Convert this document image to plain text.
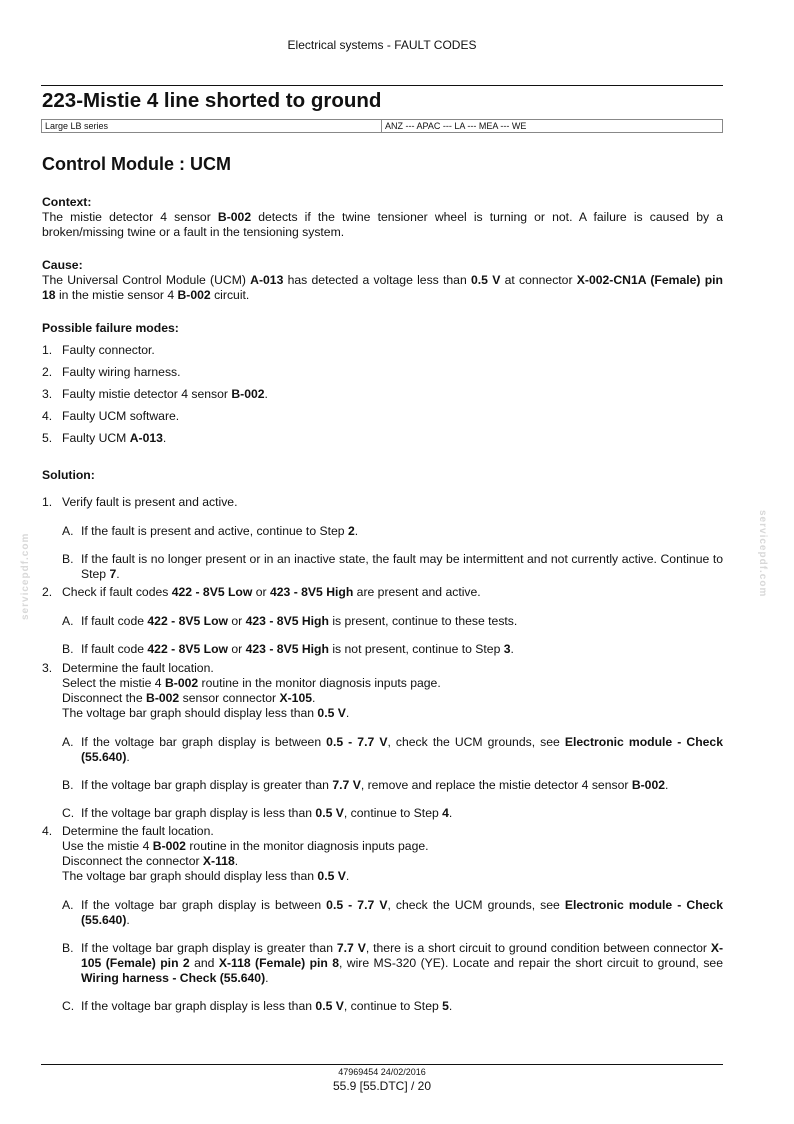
Electrical systems - FAULT CODES
223-Mistie 4 line shorted to ground
Large LB series	ANZ --- APAC --- LA --- MEA --- WE
Control Module : UCM
servicepdf.com	servicepdf.com
Context:
The mistie detector 4 sensor B-002 detects if the twine tensioner wheel is turning or not. A failure is caused by a broken/missing twine or a fault in the tensioning system.
Cause:
The Universal Control Module (UCM) A-013 has detected a voltage less than 0.5 V at connector X-002-CN1A (Female) pin 18 in the mistie sensor 4 B-002 circuit.
Possible failure modes:
1. Faulty connector.
2. Faulty wiring harness.
3. Faulty mistie detector 4 sensor B-002.
4. Faulty UCM software.
5. Faulty UCM A-013.
Solution:
1. Verify fault is present and active.
A. If the fault is present and active, continue to Step 2.
B. If the fault is no longer present or in an inactive state, the fault may be intermittent and not currently active. Continue to Step 7.
2. Check if fault codes 422 - 8V5 Low or 423 - 8V5 High are present and active.
A. If fault code 422 - 8V5 Low or 423 - 8V5 High is present, continue to these tests.
B. If fault code 422 - 8V5 Low or 423 - 8V5 High is not present, continue to Step 3.
3. Determine the fault location.
Select the mistie 4 B-002 routine in the monitor diagnosis inputs page.
Disconnect the B-002 sensor connector X-105.
The voltage bar graph should display less than 0.5 V.
A. If the voltage bar graph display is between 0.5 - 7.7 V, check the UCM grounds, see Electronic module - Check (55.640).
B. If the voltage bar graph display is greater than 7.7 V, remove and replace the mistie detector 4 sensor B-002.
C. If the voltage bar graph display is less than 0.5 V, continue to Step 4.
4. Determine the fault location.
Use the mistie 4 B-002 routine in the monitor diagnosis inputs page.
Disconnect the connector X-118.
The voltage bar graph should display less than 0.5 V.
A. If the voltage bar graph display is between 0.5 - 7.7 V, check the UCM grounds, see Electronic module - Check (55.640).
B. If the voltage bar graph display is greater than 7.7 V, there is a short circuit to ground condition between connector X-105 (Female) pin 2 and X-118 (Female) pin 8, wire MS-320 (YE). Locate and repair the short circuit to ground, see Wiring harness - Check (55.640).
C. If the voltage bar graph display is less than 0.5 V, continue to Step 5.
47969454 24/02/2016
55.9 [55.DTC] / 20
